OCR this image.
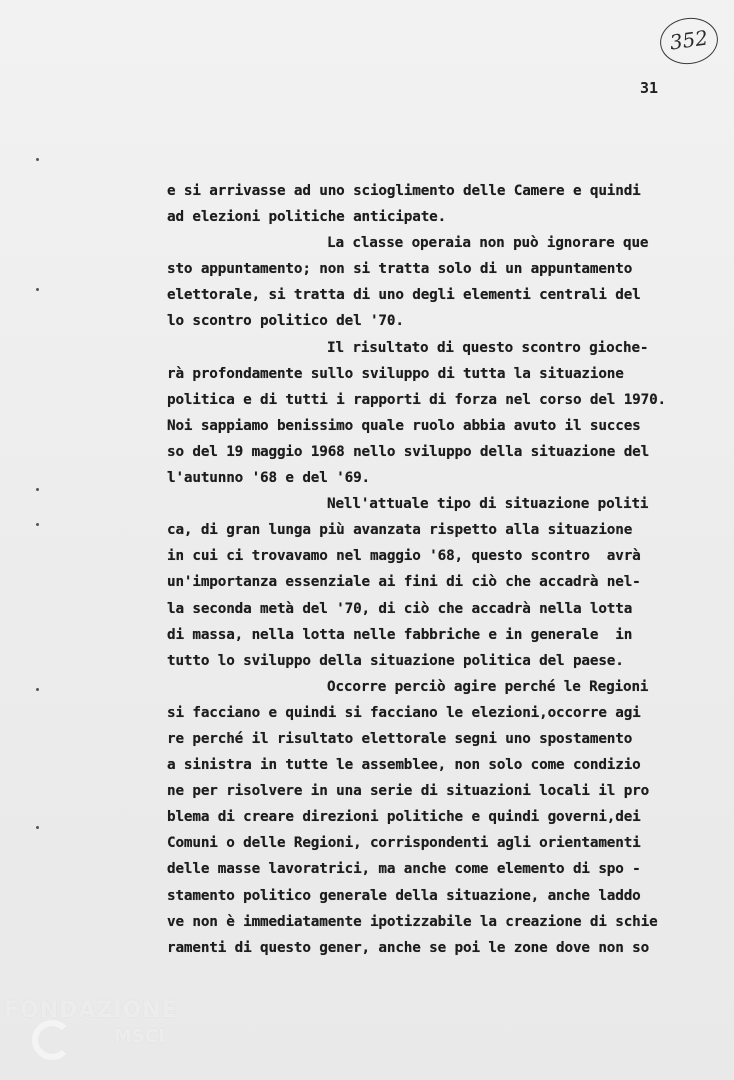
352
31
e si arrivasse ad uno scioglimento delle Camere e quindi
ad elezioni politiche anticipate.
La classe operaia non può ignorare que
sto appuntamento; non si tratta solo di un appuntamento
elettorale, si tratta di uno degli elementi centrali del
lo scontro politico del '70.
Il risultato di questo scontro gioche-
rà profondamente sullo sviluppo di tutta la situazione
politica e di tutti i rapporti di forza nel corso del 1970.
Noi sappiamo benissimo quale ruolo abbia avuto il succes
so del 19 maggio 1968 nello sviluppo della situazione del
l'autunno '68 e del '69.
Nell'attuale tipo di situazione politi
ca, di gran lunga più avanzata rispetto alla situazione
in cui ci trovavamo nel maggio '68, questo scontro  avrà
un'importanza essenziale ai fini di ciò che accadrà nel-
la seconda metà del '70, di ciò che accadrà nella lotta
di massa, nella lotta nelle fabbriche e in generale  in
tutto lo sviluppo della situazione politica del paese.
Occorre perciò agire perché le Regioni
si facciano e quindi si facciano le elezioni,occorre agi
re perché il risultato elettorale segni uno spostamento
a sinistra in tutte le assemblee, non solo come condizio
ne per risolvere in una serie di situazioni locali il pro
blema di creare direzioni politiche e quindi governi,dei
Comuni o delle Regioni, corrispondenti agli orientamenti
delle masse lavoratrici, ma anche come elemento di spo -
stamento politico generale della situazione, anche laddo
ve non è immediatamente ipotizzabile la creazione di schie
ramenti di questo gener, anche se poi le zone dove non so
FONDAZIONE
MSCI
